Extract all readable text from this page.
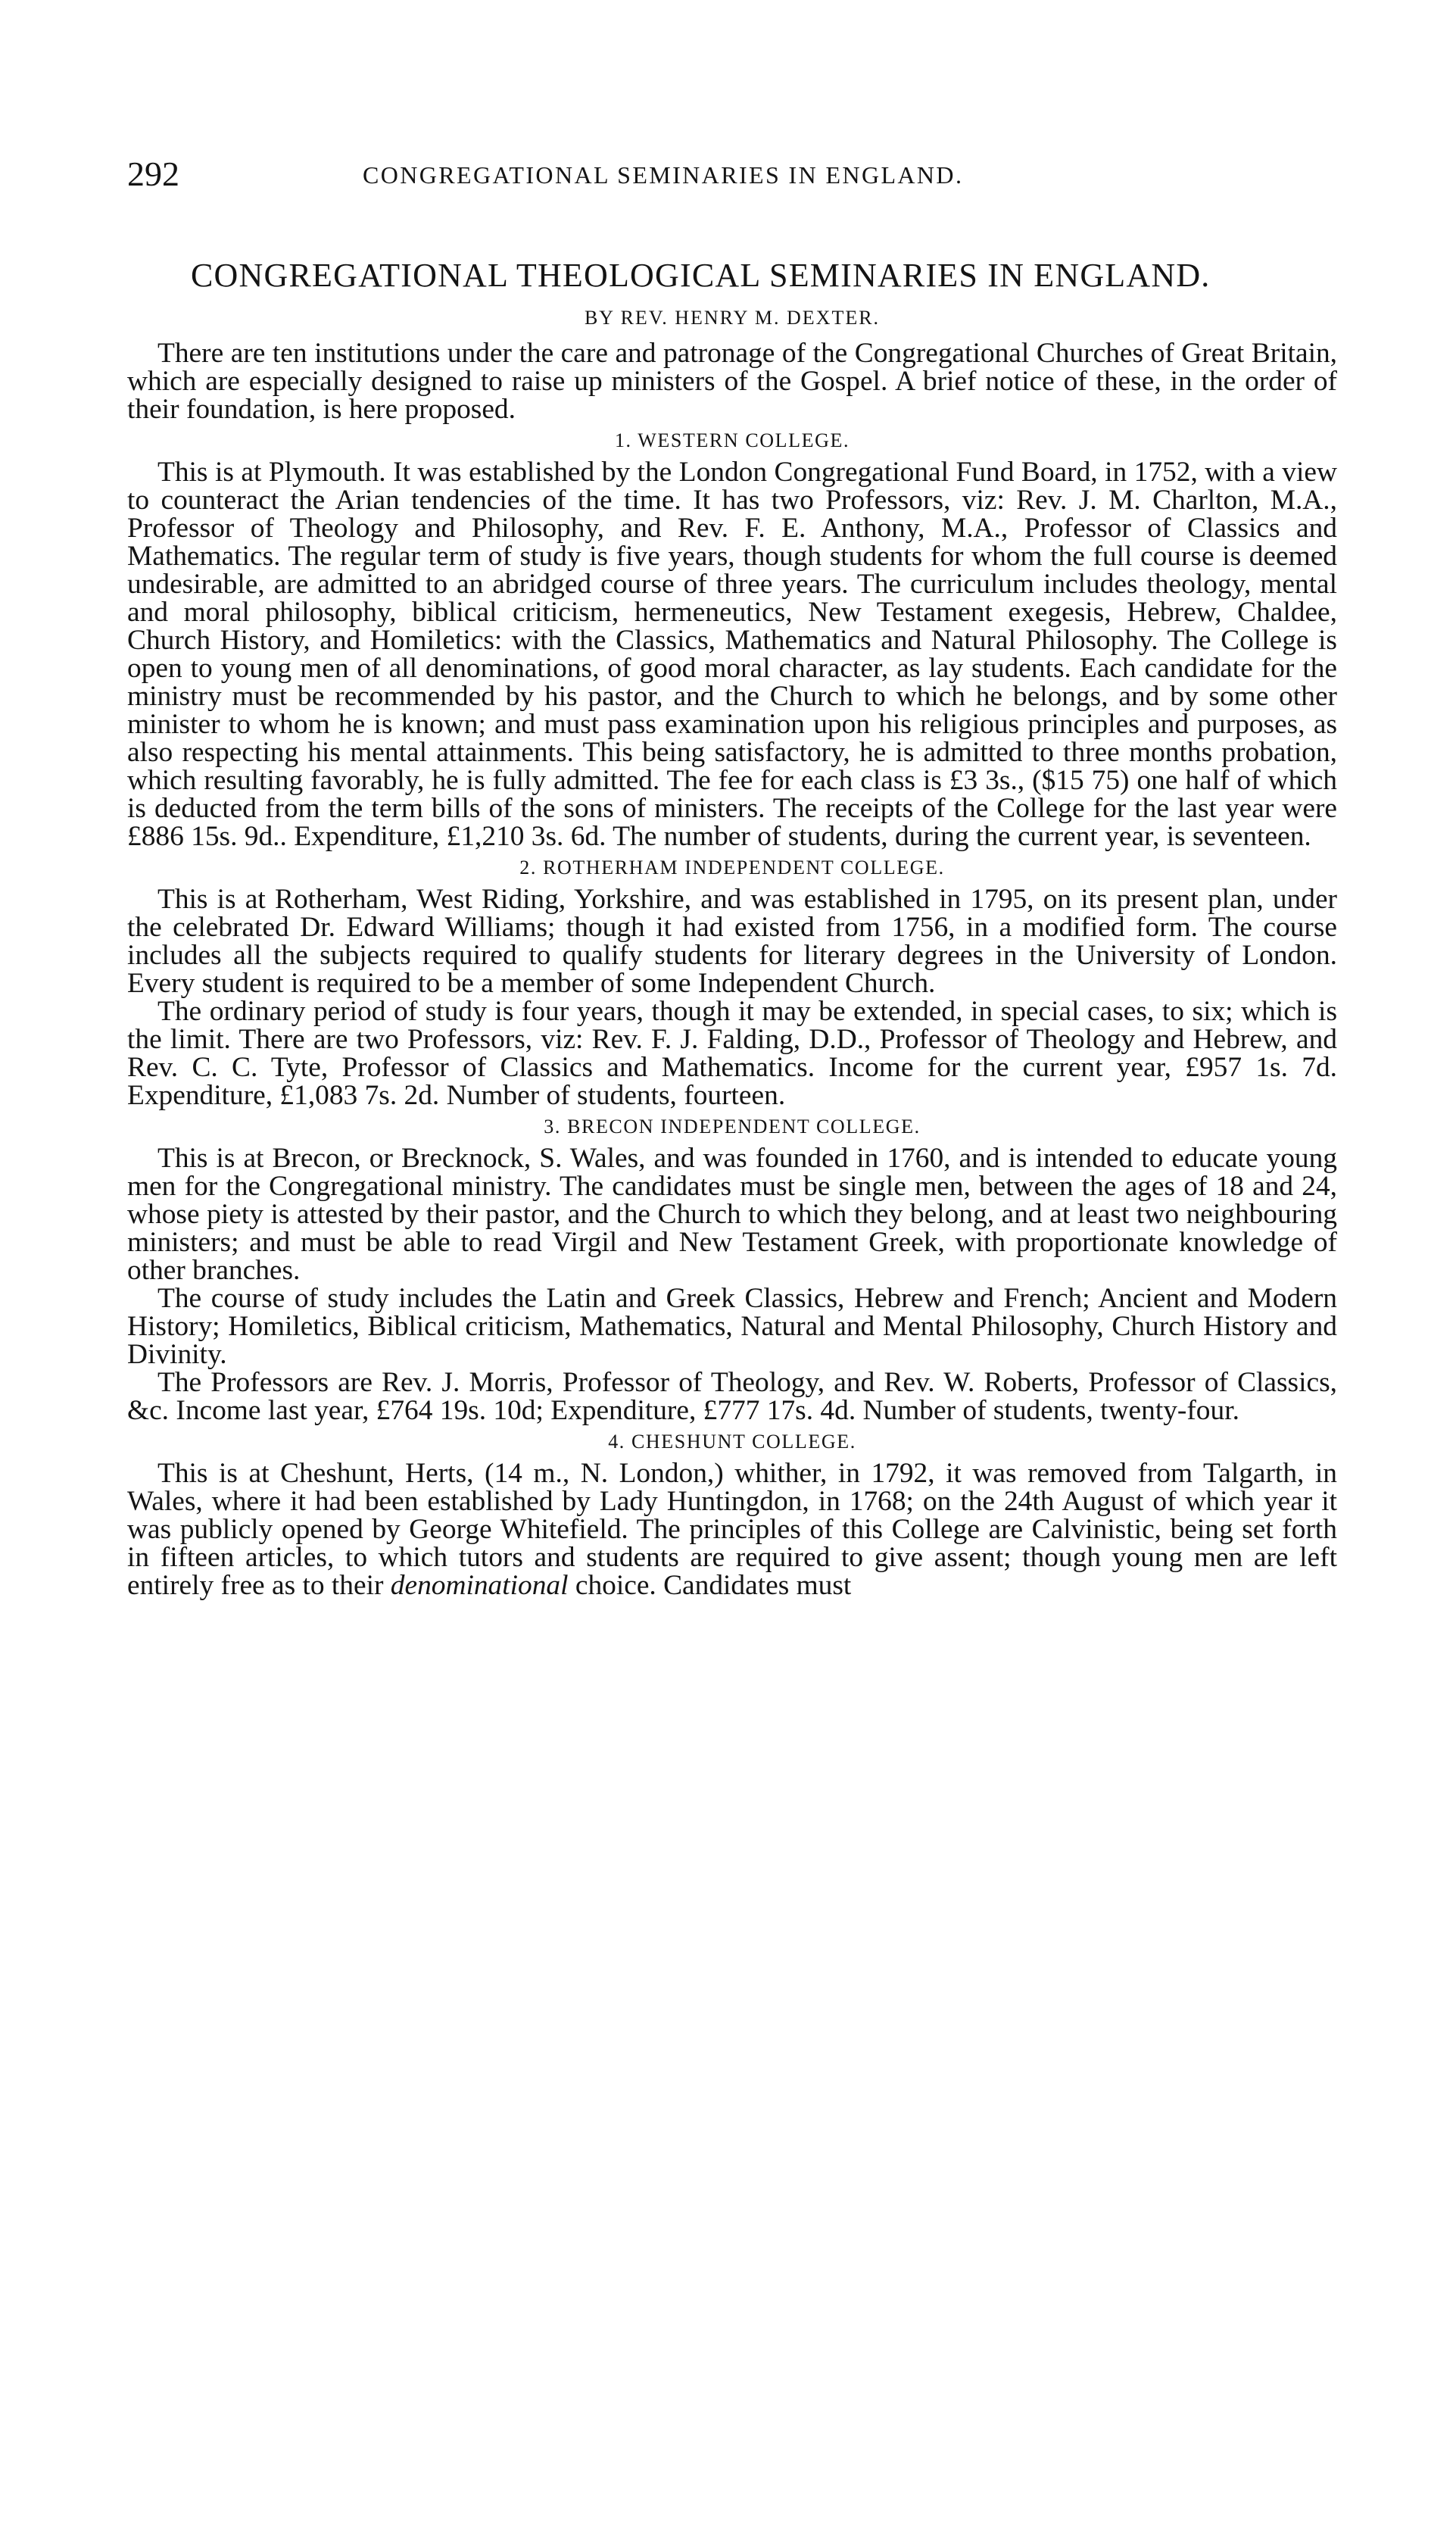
292	CONGREGATIONAL SEMINARIES IN ENGLAND.
CONGREGATIONAL THEOLOGICAL SEMINARIES IN ENGLAND.
BY REV. HENRY M. DEXTER.

There are ten institutions under the care and patronage of the Congregational Churches of Great Britain, which are especially designed to raise up ministers of the Gospel. A brief notice of these, in the order of their foundation, is here proposed.

1. WESTERN COLLEGE.

This is at Plymouth. It was established by the London Congregational Fund Board, in 1752, with a view to counteract the Arian tendencies of the time. It has two Professors, viz: Rev. J. M. Charlton, M.A., Professor of Theology and Philosophy, and Rev. F. E. Anthony, M.A., Professor of Classics and Mathematics. The regular term of study is five years, though students for whom the full course is deemed undesirable, are admitted to an abridged course of three years. The curriculum includes theology, mental and moral philosophy, biblical criticism, hermeneutics, New Testament exegesis, Hebrew, Chaldee, Church History, and Homiletics: with the Classics, Mathematics and Natural Philosophy. The College is open to young men of all denominations, of good moral character, as lay students. Each candidate for the ministry must be recommended by his pastor, and the Church to which he belongs, and by some other minister to whom he is known; and must pass examination upon his religious principles and purposes, as also respecting his mental attainments. This being satisfactory, he is admitted to three months probation, which resulting favorably, he is fully admitted. The fee for each class is £3 3s., ($15 75) one half of which is deducted from the term bills of the sons of ministers. The receipts of the College for the last year were £886 15s. 9d.. Expenditure, £1,210 3s. 6d. The number of students, during the current year, is seventeen.

2. ROTHERHAM INDEPENDENT COLLEGE.

This is at Rotherham, West Riding, Yorkshire, and was established in 1795, on its present plan, under the celebrated Dr. Edward Williams; though it had existed from 1756, in a modified form. The course includes all the subjects required to qualify students for literary degrees in the University of London. Every student is required to be a member of some Independent Church.

The ordinary period of study is four years, though it may be extended, in special cases, to six; which is the limit. There are two Professors, viz: Rev. F. J. Falding, D.D., Professor of Theology and Hebrew, and Rev. C. C. Tyte, Professor of Classics and Mathematics. Income for the current year, £957 1s. 7d. Expenditure, £1,083 7s. 2d. Number of students, fourteen.

3. BRECON INDEPENDENT COLLEGE.

This is at Brecon, or Brecknock, S. Wales, and was founded in 1760, and is intended to educate young men for the Congregational ministry. The candidates must be single men, between the ages of 18 and 24, whose piety is attested by their pastor, and the Church to which they belong, and at least two neighbouring ministers; and must be able to read Virgil and New Testament Greek, with proportionate knowledge of other branches.

The course of study includes the Latin and Greek Classics, Hebrew and French; Ancient and Modern History; Homiletics, Biblical criticism, Mathematics, Natural and Mental Philosophy, Church History and Divinity.

The Professors are Rev. J. Morris, Professor of Theology, and Rev. W. Roberts, Professor of Classics, &c. Income last year, £764 19s. 10d; Expenditure, £777 17s. 4d. Number of students, twenty-four.

4. CHESHUNT COLLEGE.

This is at Cheshunt, Herts, (14 m., N. London,) whither, in 1792, it was removed from Talgarth, in Wales, where it had been established by Lady Huntingdon, in 1768; on the 24th August of which year it was publicly opened by George Whitefield. The principles of this College are Calvinistic, being set forth in fifteen articles, to which tutors and students are required to give assent; though young men are left entirely free as to their denominational choice. Candidates must
